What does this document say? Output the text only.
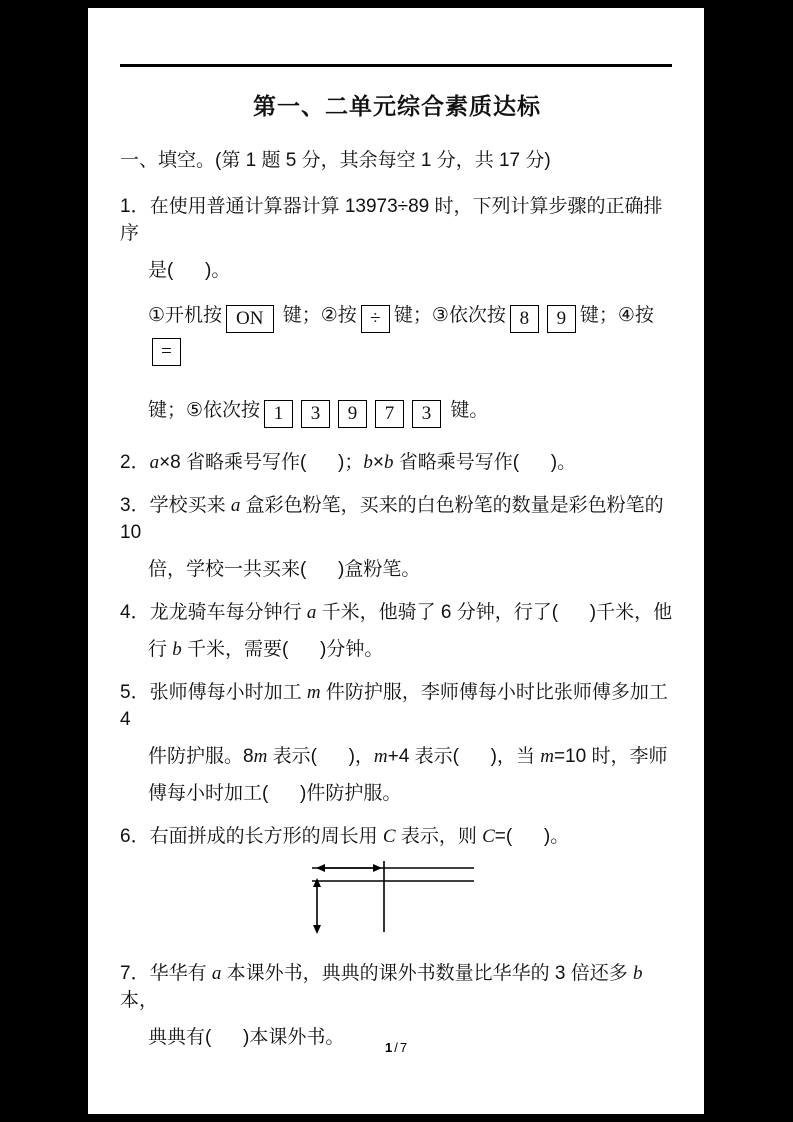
第一、二单元综合素质达标
一、填空。(第 1 题 5 分，其余每空 1 分，共 17 分)
1．在使用普通计算器计算 13973÷89 时，下列计算步骤的正确排序
是(      )。
①开机按 ON 键；②按 ÷ 键；③依次按 8 9 键；④按=
键；⑤依次按 1 3 9 7 3 键。
2．a×8 省略乘号写作(      )；b×b 省略乘号写作(      )。
3．学校买来 a 盒彩色粉笔，买来的白色粉笔的数量是彩色粉笔的 10
倍，学校一共买来(      )盒粉笔。
4．龙龙骑车每分钟行 a 千米，他骑了 6 分钟，行了(      )千米，他
行 b 千米，需要(      )分钟。
5．张师傅每小时加工 m 件防护服，李师傅每小时比张师傅多加工 4
件防护服。8m 表示(      )，m+4 表示(      )，当 m=10 时，李师
傅每小时加工(      )件防护服。
6．右面拼成的长方形的周长用 C 表示，则 C=(      )。
7．华华有 a 本课外书，典典的课外书数量比华华的 3 倍还多 b 本，
典典有(      )本课外书。	1 / 7
